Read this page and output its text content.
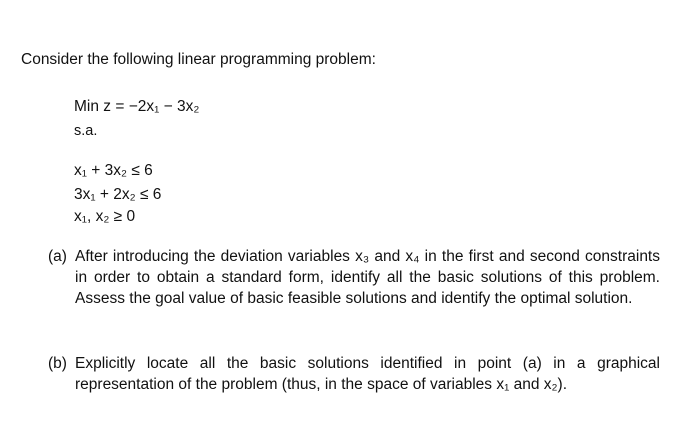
Consider the following linear programming problem:
Min z = −2x₁ − 3x₂
s.a.
x₁ + 3x₂ ≤ 6
3x₁ + 2x₂ ≤ 6
x₁, x₂ ≥ 0
(a) After introducing the deviation variables x₃ and x₄ in the first and second constraints in order to obtain a standard form, identify all the basic solutions of this problem. Assess the goal value of basic feasible solutions and identify the optimal solution.
(b) Explicitly locate all the basic solutions identified in point (a) in a graphical representation of the problem (thus, in the space of variables x₁ and x₂).
